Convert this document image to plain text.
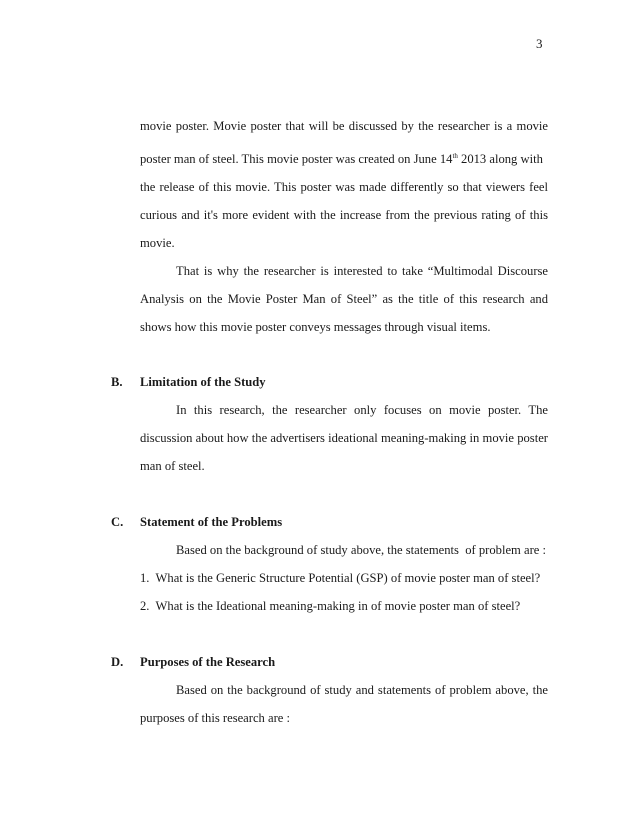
3
movie poster. Movie poster that will be discussed by the researcher is a movie
poster man of steel. This movie poster was created on June 14th 2013 along with
the release of this movie. This poster was made differently so that viewers feel
curious and it's more evident with the increase from the previous rating of this
movie.
That is why the researcher is interested to take “Multimodal Discourse
Analysis on the Movie Poster Man of Steel” as the title of this research and
shows how this movie poster conveys messages through visual items.
B. Limitation of the Study
In this research, the researcher only focuses on movie poster. The
discussion about how the advertisers ideational meaning-making in movie poster
man of steel.
C. Statement of the Problems
Based on the background of study above, the statements  of problem are :
1.  What is the Generic Structure Potential (GSP) of movie poster man of steel?
2.  What is the Ideational meaning-making in of movie poster man of steel?
D. Purposes of the Research
Based on the background of study and statements of problem above, the
purposes of this research are :
